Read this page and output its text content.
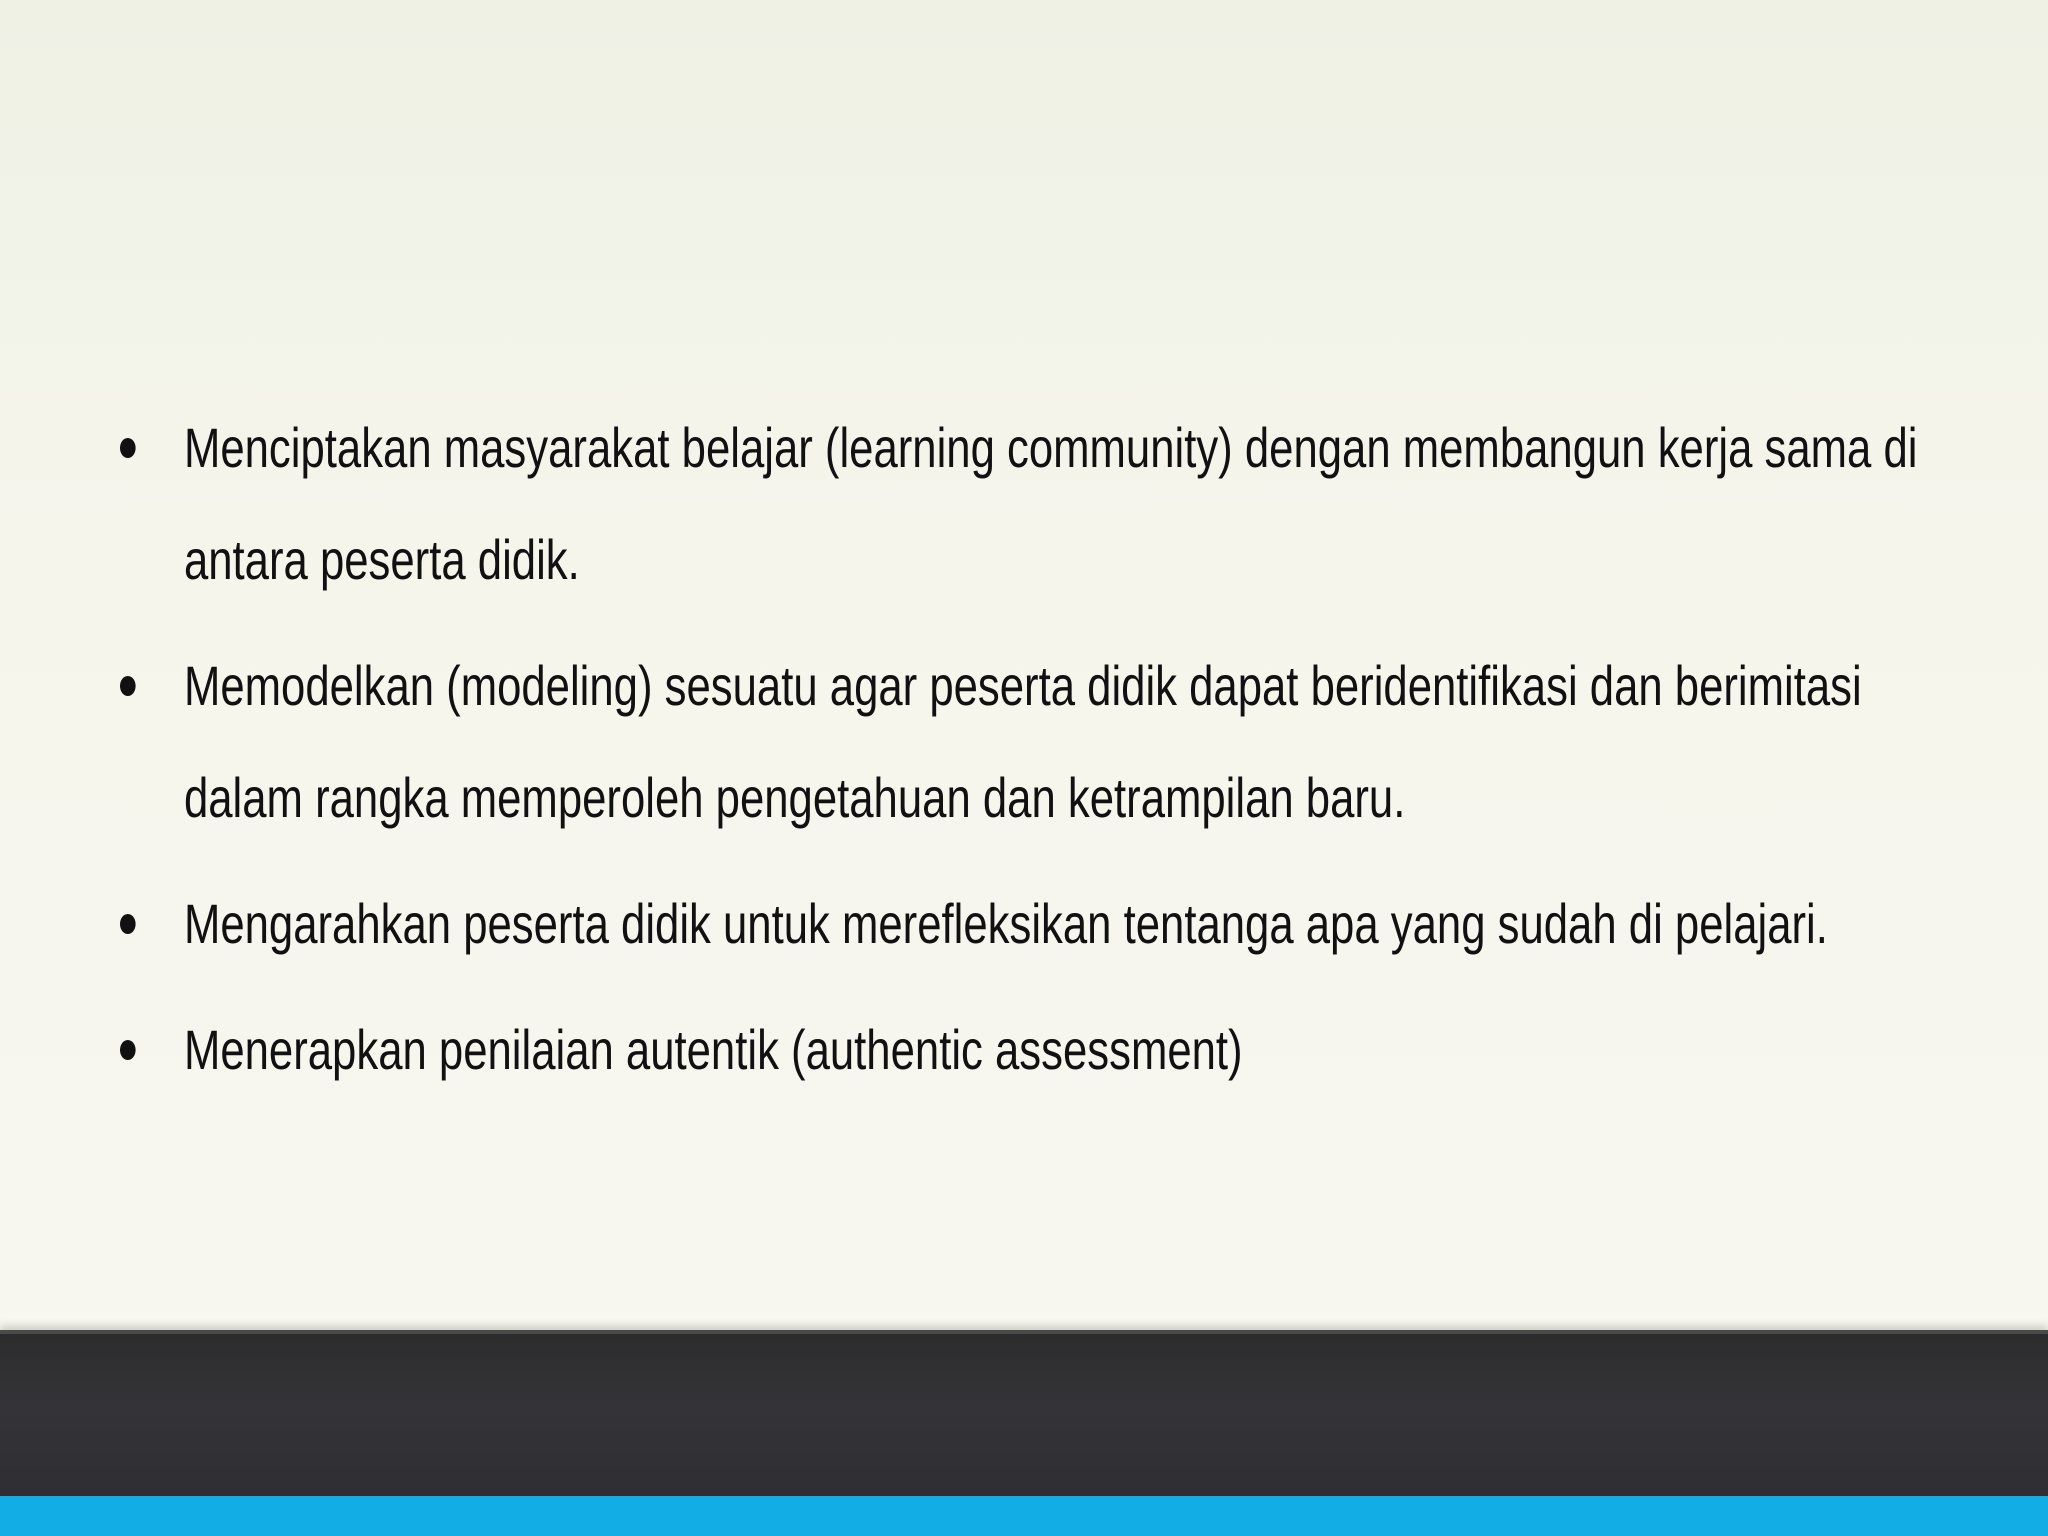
Menciptakan masyarakat belajar (learning community) dengan membangun kerja sama di antara peserta didik.
Memodelkan (modeling) sesuatu agar peserta didik dapat beridentifikasi dan berimitasi dalam rangka memperoleh pengetahuan dan ketrampilan baru.
Mengarahkan peserta didik untuk merefleksikan tentanga apa yang sudah di pelajari.
Menerapkan penilaian autentik (authentic assessment)
